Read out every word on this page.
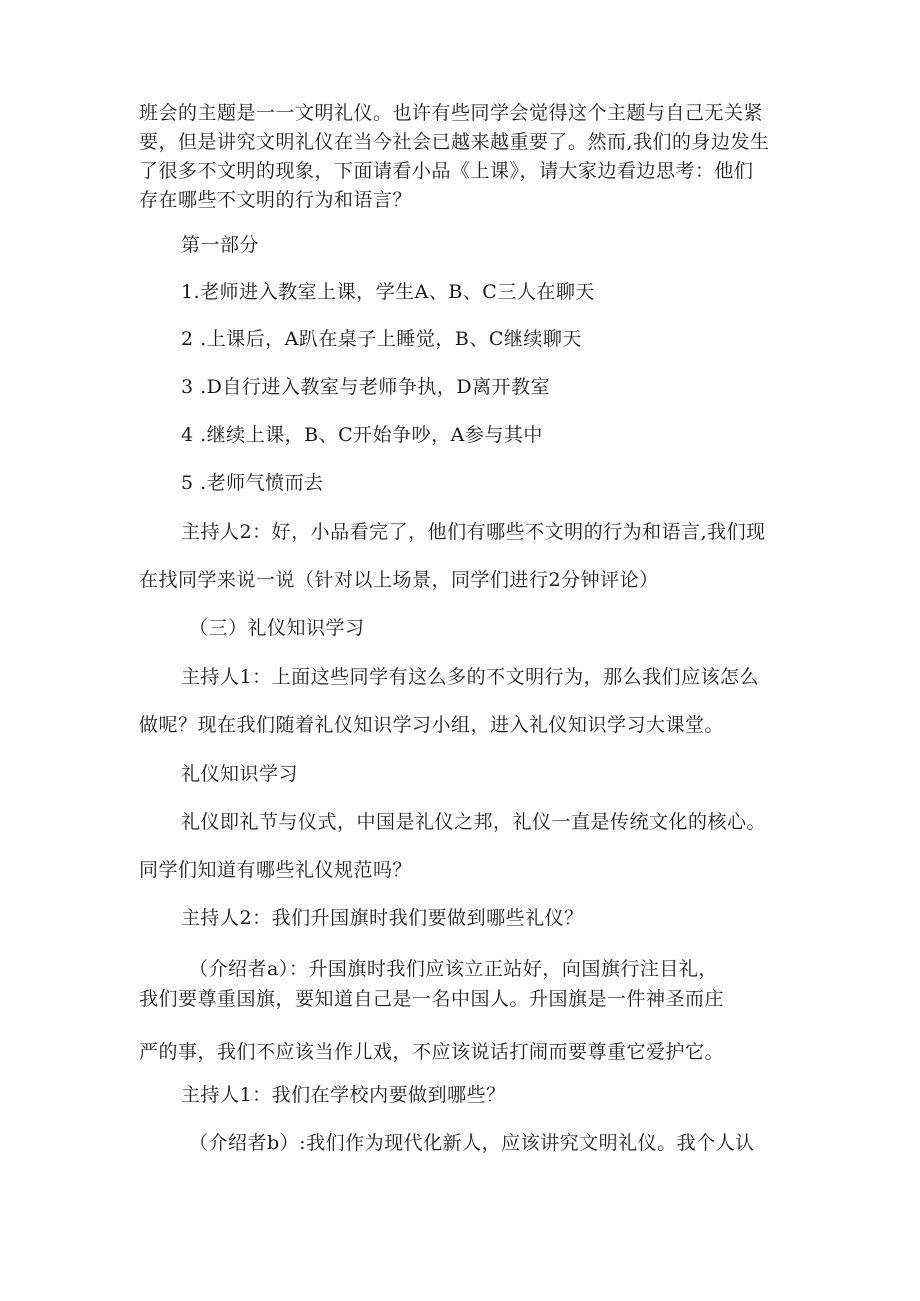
班会的主题是一一文明礼仪。也许有些同学会觉得这个主题与自己无关紧
要，但是讲究文明礼仪在当今社会已越来越重要了。然而,我们的身边发生
了很多不文明的现象，下面请看小品《上课》，请大家边看边思考：他们
存在哪些不文明的行为和语言？
第一部分
1.老师进入教室上课，学生A、B、C三人在聊天
2 .上课后，A趴在桌子上睡觉，B、C继续聊天
3 .D自行进入教室与老师争执，D离开教室
4 .继续上课，B、C开始争吵，A参与其中
5 .老师气愤而去
主持人2：好，小品看完了，他们有哪些不文明的行为和语言,我们现
在找同学来说一说（针对以上场景，同学们进行2分钟评论）
（三）礼仪知识学习
主持人1：上面这些同学有这么多的不文明行为，那么我们应该怎么
做呢？现在我们随着礼仪知识学习小组，进入礼仪知识学习大课堂。
礼仪知识学习
礼仪即礼节与仪式，中国是礼仪之邦，礼仪一直是传统文化的核心。
同学们知道有哪些礼仪规范吗？
主持人2：我们升国旗时我们要做到哪些礼仪？
（介绍者a）：升国旗时我们应该立正站好，向国旗行注目礼，
我们要尊重国旗，要知道自己是一名中国人。升国旗是一件神圣而庄
严的事，我们不应该当作儿戏，不应该说话打闹而要尊重它爱护它。
主持人1：我们在学校内要做到哪些？
（介绍者b）:我们作为现代化新人，应该讲究文明礼仪。我个人认
